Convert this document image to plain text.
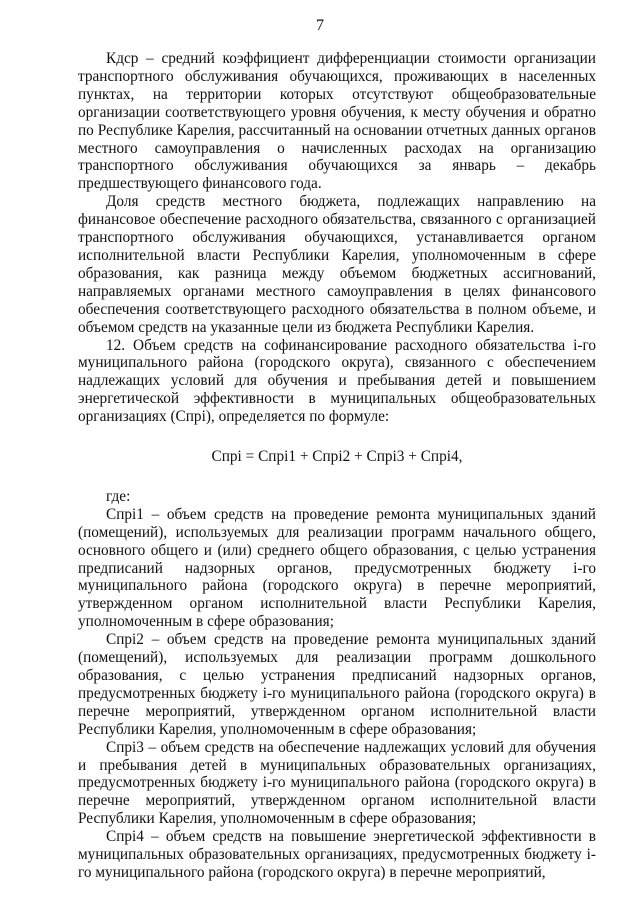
7

Кдср – средний коэффициент дифференциации стоимости организации транспортного обслуживания обучающихся, проживающих в населенных пунктах, на территории которых отсутствуют общеобразовательные организации соответствующего уровня обучения, к месту обучения и обратно по Республике Карелия, рассчитанный на основании отчетных данных органов местного самоуправления о начисленных расходах на организацию транспортного обслуживания обучающихся за январь – декабрь предшествующего финансового года.

Доля средств местного бюджета, подлежащих направлению на финансовое обеспечение расходного обязательства, связанного с организацией транспортного обслуживания обучающихся, устанавливается органом исполнительной власти Республики Карелия, уполномоченным в сфере образования, как разница между объемом бюджетных ассигнований, направляемых органами местного самоуправления в целях финансового обеспечения соответствующего расходного обязательства в полном объеме, и объемом средств на указанные цели из бюджета Республики Карелия.

12. Объем средств на софинансирование расходного обязательства i-го муниципального района (городского округа), связанного с обеспечением надлежащих условий для обучения и пребывания детей и повышением энергетической эффективности в муниципальных общеобразовательных организациях (Спрi), определяется по формуле:

Спрi = Спрi1 + Спрi2 + Спрi3 + Спрi4,

где:

Спрi1 – объем средств на проведение ремонта муниципальных зданий (помещений), используемых для реализации программ начального общего, основного общего и (или) среднего общего образования, с целью устранения предписаний надзорных органов, предусмотренных бюджету i-го муниципального района (городского округа) в перечне мероприятий, утвержденном органом исполнительной власти Республики Карелия, уполномоченным в сфере образования;

Спрi2 – объем средств на проведение ремонта муниципальных зданий (помещений), используемых для реализации программ дошкольного образования, с целью устранения предписаний надзорных органов, предусмотренных бюджету i-го муниципального района (городского округа) в перечне мероприятий, утвержденном органом исполнительной власти Республики Карелия, уполномоченным в сфере образования;

Спрi3 – объем средств на обеспечение надлежащих условий для обучения и пребывания детей в муниципальных образовательных организациях, предусмотренных бюджету i-го муниципального района (городского округа) в перечне мероприятий, утвержденном органом исполнительной власти Республики Карелия, уполномоченным в сфере образования;

Спрi4 – объем средств на повышение энергетической эффективности в муниципальных образовательных организациях, предусмотренных бюджету i-го муниципального района (городского округа) в перечне мероприятий,
